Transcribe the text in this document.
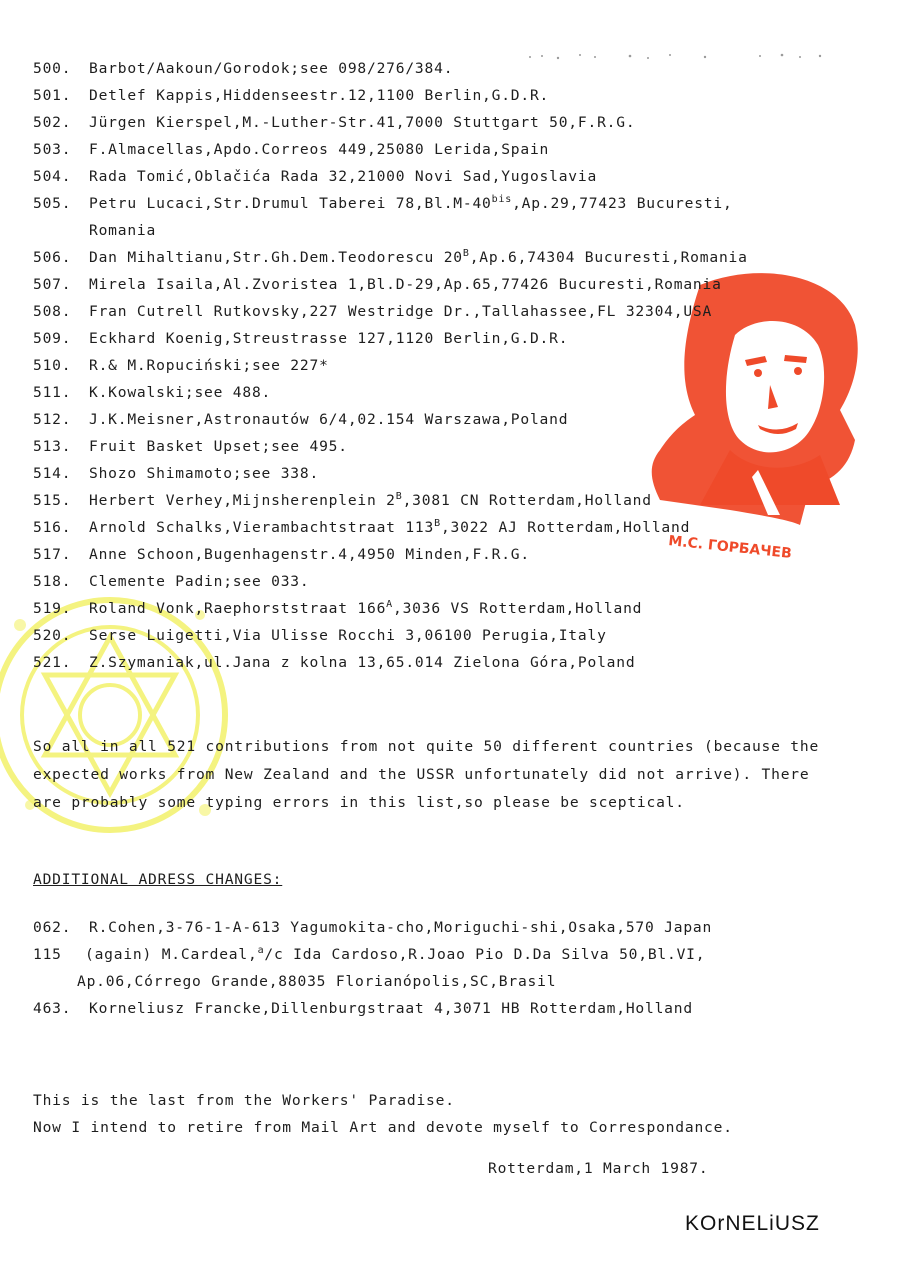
М.С. ГОРБАЧЕВ
500.	Barbot/Aakoun/Gorodok;see 098/276/384.
501.	Detlef Kappis,Hiddenseestr.12,1100 Berlin,G.D.R.
502.	Jürgen Kierspel,M.-Luther-Str.41,7000 Stuttgart 50,F.R.G.
503.	F.Almacellas,Apdo.Correos 449,25080 Lerida,Spain
504.	Rada Tomić,Oblačića Rada 32,21000 Novi Sad,Yugoslavia
505.	Petru Lucaci,Str.Drumul Taberei $78,Bl.M-40^{bis},Ap.29,77423$ Bucuresti,
Romania
506.	Dan Mihaltianu,Str.Gh.Dem.Teodorescu $20^B,Ap.6,74304$ Bucuresti,Romania
507.	Mirela Isaila,Al.Zvoristea 1,Bl.D-29,Ap.65,77426 Bucuresti,Romania
508.	Fran Cutrell Rutkovsky,227 Westridge Dr.,Tallahassee,FL 32304,USA
509.	Eckhard Koenig,Streustrasse 127,1120 Berlin,G.D.R.
510.	R.& M.Ropuciński;see 227*
511.	K.Kowalski;see 488.
512.	J.K.Meisner,Astronautów 6/4,02.154 Warszawa,Poland
513.	Fruit Basket Upset;see 495.
514.	Shozo Shimamoto;see 338.
515.	Herbert Verhey,Mijnsherenplein $2^B,3081$ CN Rotterdam,Holland
516.	Arnold Schalks,Vierambachtstraat $113^B,3022$ AJ Rotterdam,Holland
517.	Anne Schoon,Bugenhagenstr.4,4950 Minden,F.R.G.
518.	Clemente Padin;see 033.
519.	Roland Vonk,Raephorststraat $166^A,3036$ VS Rotterdam,Holland
520.	Serse Luigetti,Via Ulisse Rocchi 3,06100 Perugia,Italy
521.	Z.Szymaniak,ul.Jana z kolna 13,65.014 Zielona Góra,Poland
So all in all 521 contributions from not quite 50 different countries (because the expected works from New Zealand and the USSR unfortunately did not arrive). There are probably some typing errors in this list,so please be sceptical.
ADDITIONAL ADRESS CHANGES:
062. R.Cohen,3-76-1-A-613 Yagumokita-cho,Moriguchi-shi,Osaka,570 Japan
115 (again) M.Cardeal,$^a$/c Ida Cardoso,R.Joao Pio D.Da Silva 50,Bl.VI,
Ap.06,Córrego Grande,88035 Florianópolis,SC,Brasil
463. Korneliusz Francke,Dillenburgstraat 4,3071 HB Rotterdam,Holland
This is the last from the Workers' Paradise.
Now I intend to retire from Mail Art and devote myself to Correspondance.
Rotterdam,1 March 1987.
KOrNELiUSZ
